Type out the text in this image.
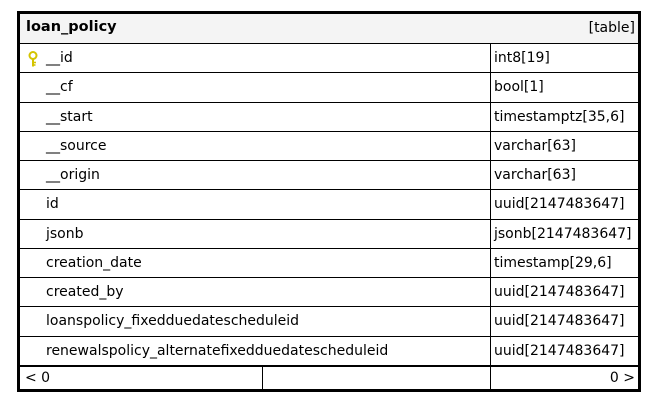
loan_policy	[table]
__id	int8[19]
__cf	bool[1]
__start	timestamptz[35,6]
__source	varchar[63]
__origin	varchar[63]
id	uuid[2147483647]
jsonb	jsonb[2147483647]
creation_date	timestamp[29,6]
created_by	uuid[2147483647]
loanspolicy_fixedduedatescheduleid	uuid[2147483647]
renewalspolicy_alternatefixedduedatescheduleid	uuid[2147483647]
< 0	0 >
